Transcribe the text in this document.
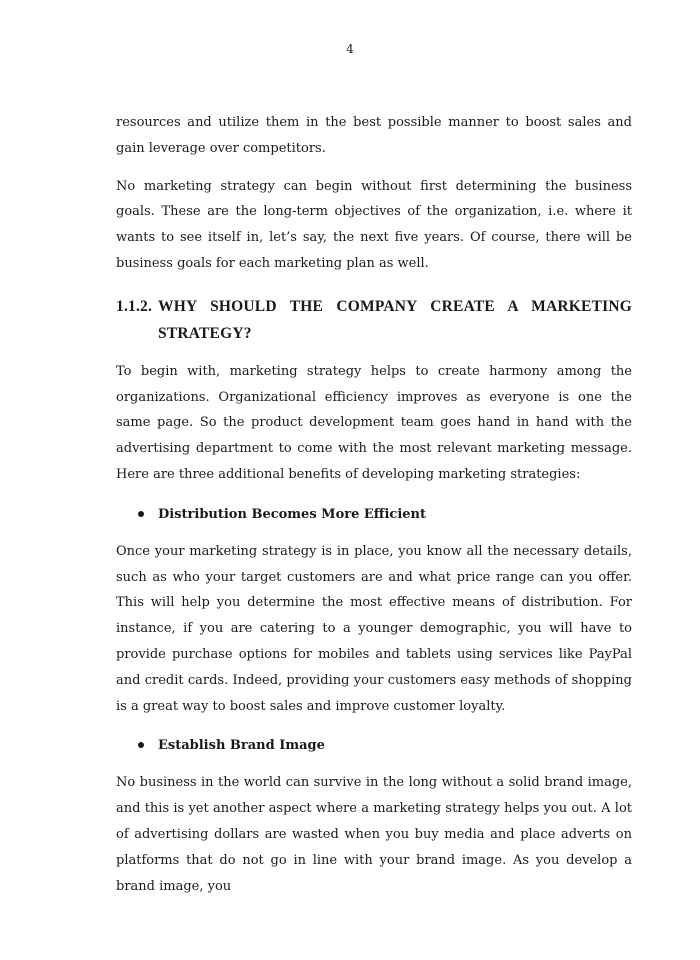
4

resources and utilize them in the best possible manner to boost sales and gain leverage over competitors.

No marketing strategy can begin without first determining the business goals. These are the long-term objectives of the organization, i.e. where it wants to see itself in, let’s say, the next five years. Of course, there will be business goals for each marketing plan as well.

1.1.2. WHY SHOULD THE COMPANY CREATE A MARKETING STRATEGY?

To begin with, marketing strategy helps to create harmony among the organizations. Organizational efficiency improves as everyone is one the same page. So the product development team goes hand in hand with the advertising department to come with the most relevant marketing message. Here are three additional benefits of developing marketing strategies:

Distribution Becomes More Efficient

Once your marketing strategy is in place, you know all the necessary details, such as who your target customers are and what price range can you offer. This will help you determine the most effective means of distribution. For instance, if you are catering to a younger demographic, you will have to provide purchase options for mobiles and tablets using services like PayPal and credit cards. Indeed, providing your customers easy methods of shopping is a great way to boost sales and improve customer loyalty.

Establish Brand Image

No business in the world can survive in the long without a solid brand image, and this is yet another aspect where a marketing strategy helps you out. A lot of advertising dollars are wasted when you buy media and place adverts on platforms that do not go in line with your brand image. As you develop a brand image, you
